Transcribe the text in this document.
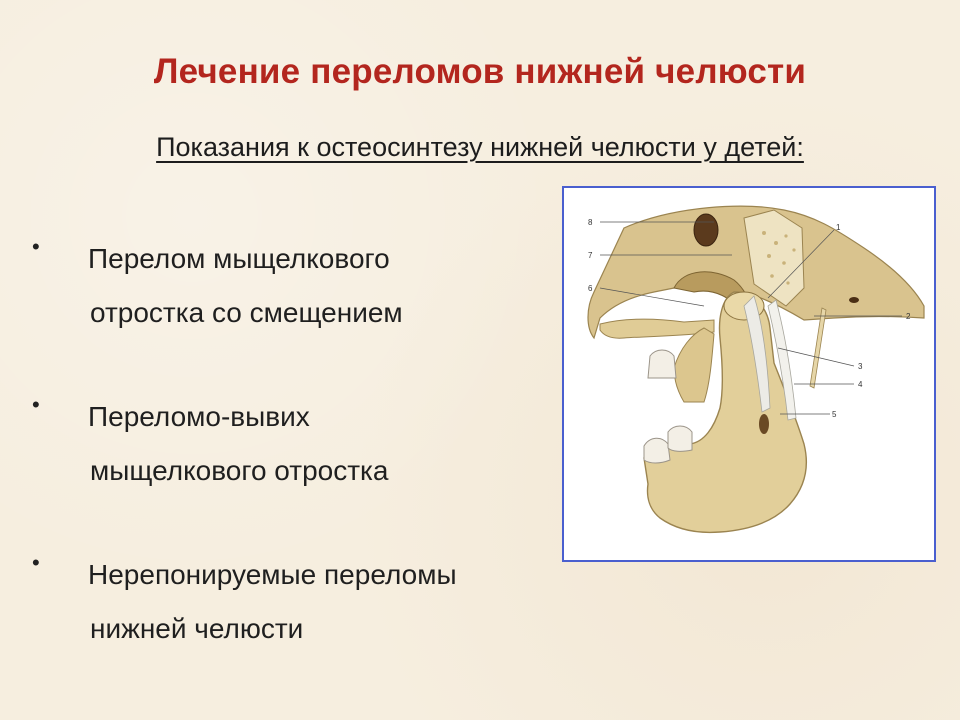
Лечение переломов нижней челюсти
Показания к остеосинтезу нижней челюсти у детей:
• Перелом мыщелкового
отростка со смещением
• Переломо-вывих
мыщелкового отростка
• Нерепонируемые переломы
нижней челюсти
8
7
6
1
2
3
4
5
